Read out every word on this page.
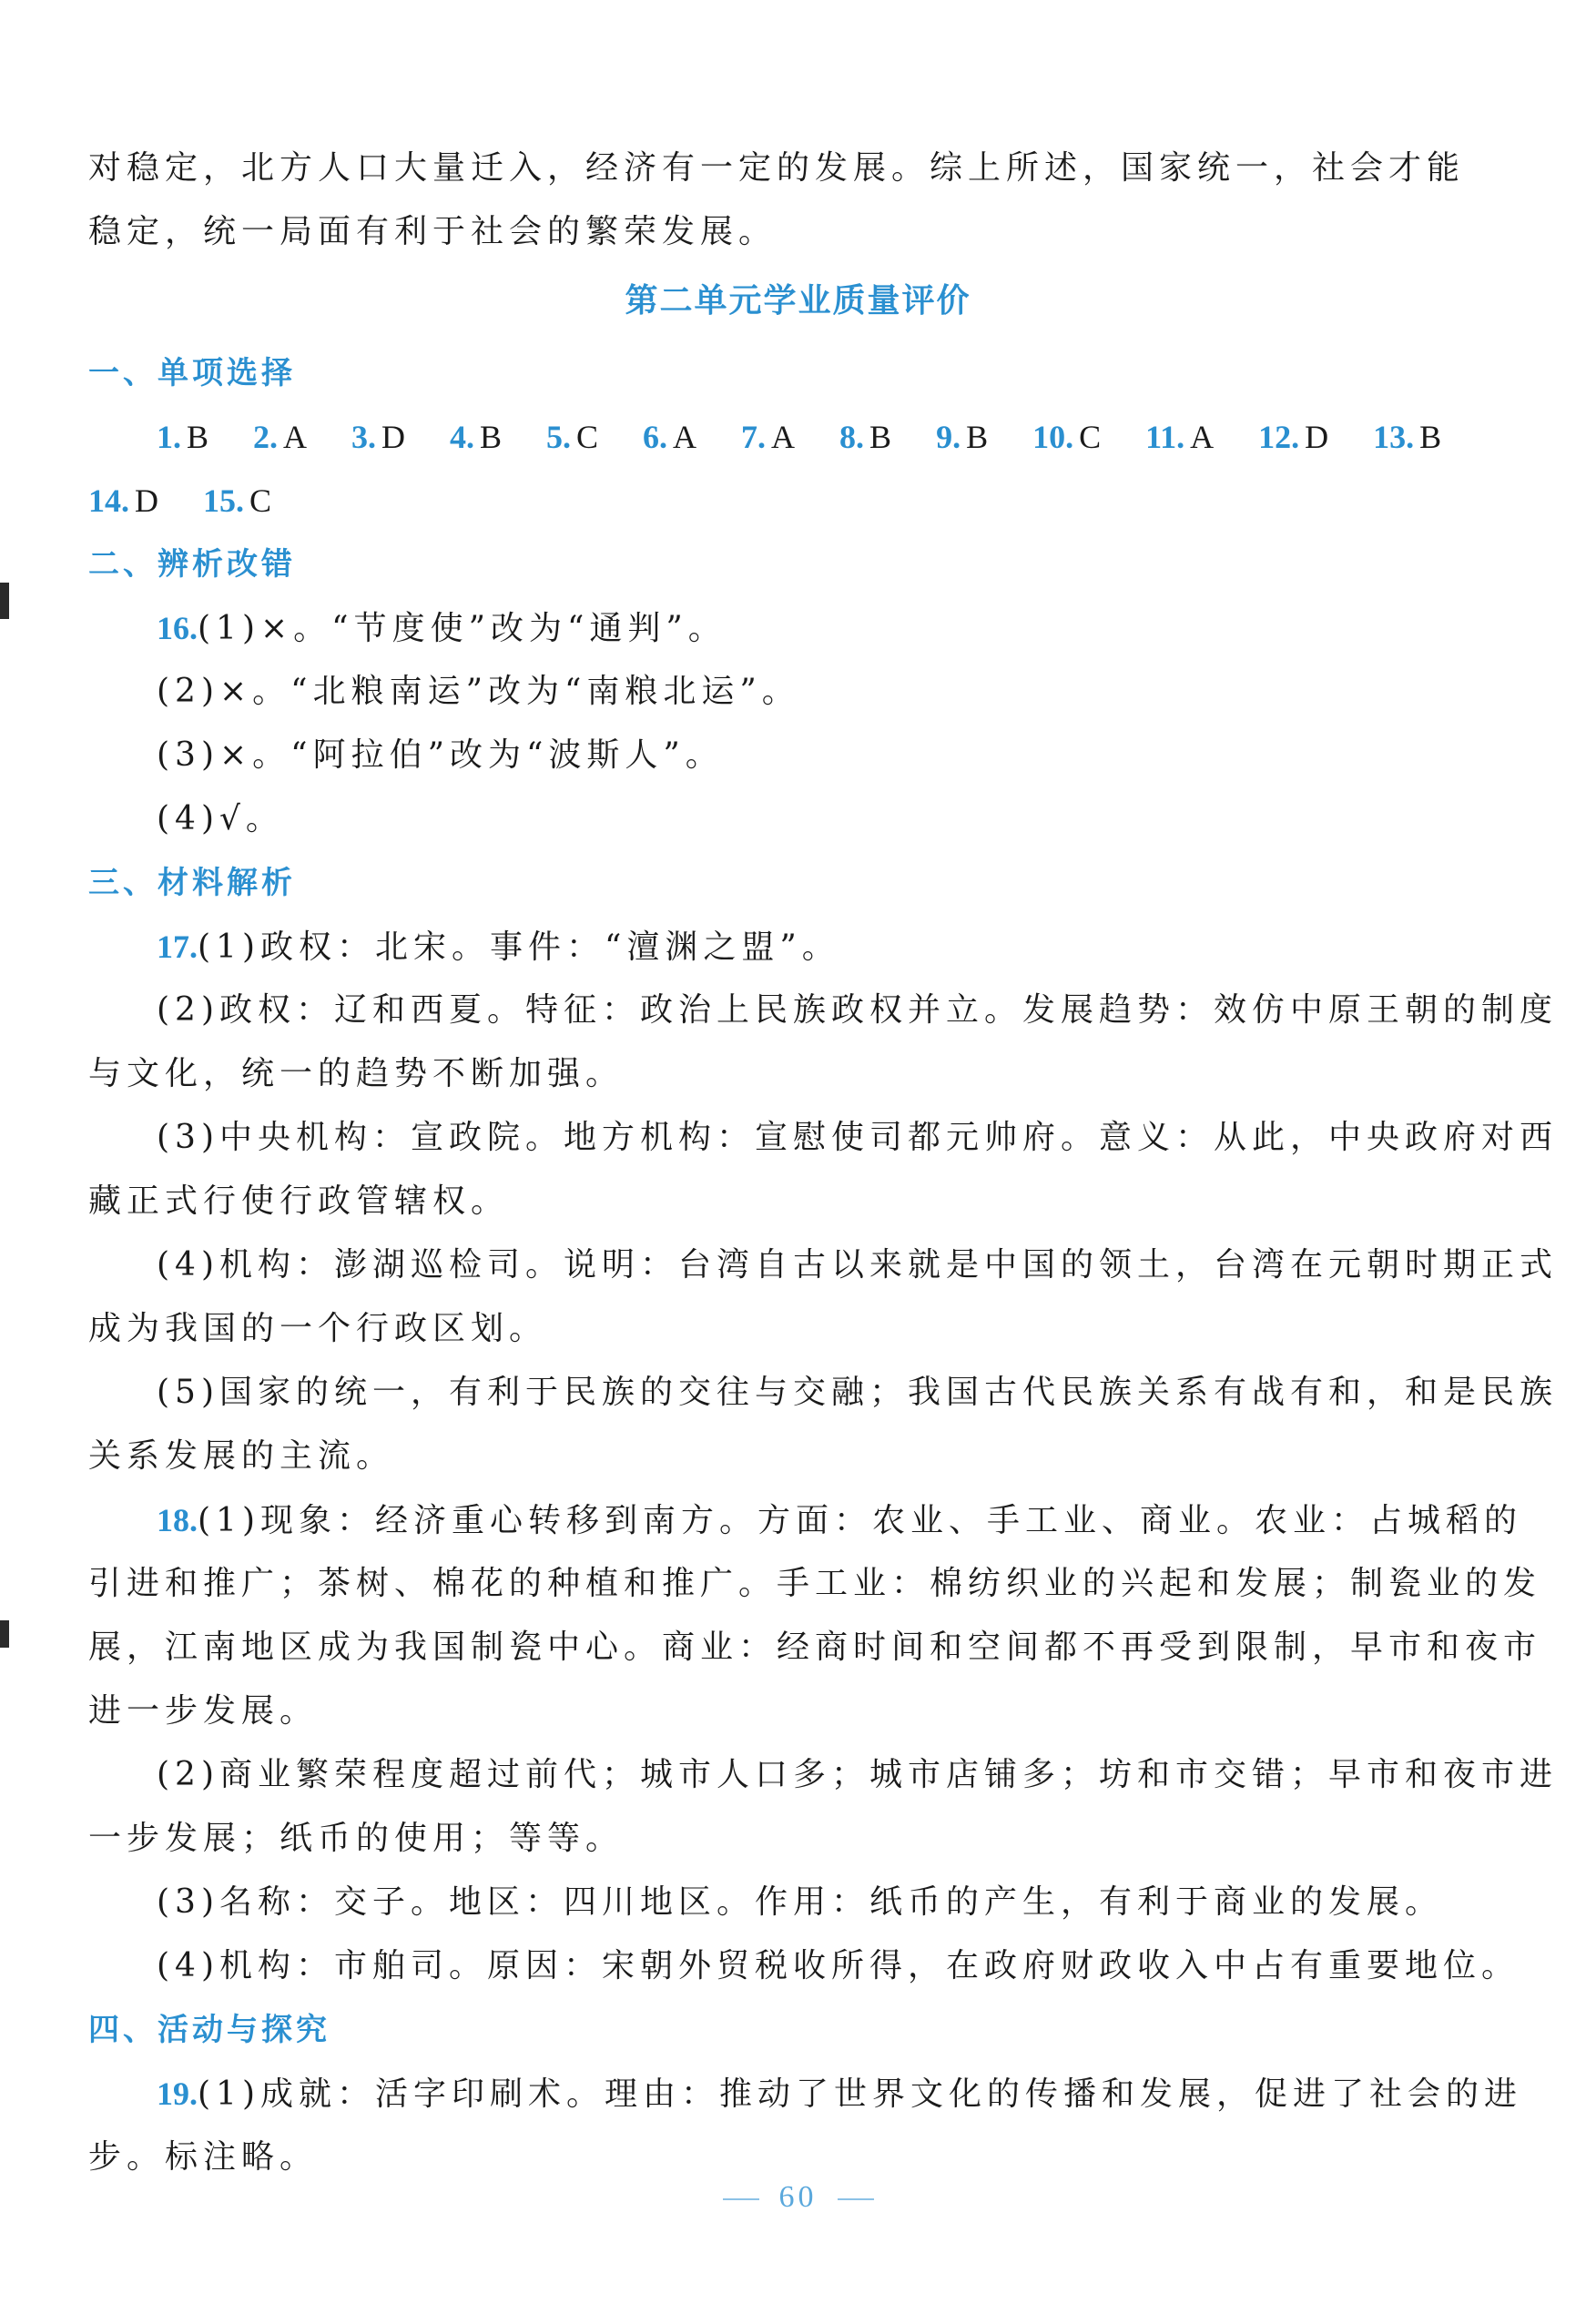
对稳定，北方人口大量迁入，经济有一定的发展。综上所述，国家统一，社会才能
稳定，统一局面有利于社会的繁荣发展。
第二单元学业质量评价
一、单项选择
1. B 2. A 3. D 4. B 5. C 6. A 7. A 8. B 9. B 10. C 11. A 12. D 13. B
14. D 15. C
二、辨析改错
16.(1)×。“节度使”改为“通判”。
(2)×。“北粮南运”改为“南粮北运”。
(3)×。“阿拉伯”改为“波斯人”。
(4)√。
三、材料解析
17.(1)政权：北宋。事件：“澶渊之盟”。
(2)政权：辽和西夏。特征：政治上民族政权并立。发展趋势：效仿中原王朝的制度
与文化，统一的趋势不断加强。
(3)中央机构：宣政院。地方机构：宣慰使司都元帅府。意义：从此，中央政府对西
藏正式行使行政管辖权。
(4)机构：澎湖巡检司。说明：台湾自古以来就是中国的领土，台湾在元朝时期正式
成为我国的一个行政区划。
(5)国家的统一，有利于民族的交往与交融；我国古代民族关系有战有和，和是民族
关系发展的主流。
18.(1)现象：经济重心转移到南方。方面：农业、手工业、商业。农业：占城稻的
引进和推广；茶树、棉花的种植和推广。手工业：棉纺织业的兴起和发展；制瓷业的发
展，江南地区成为我国制瓷中心。商业：经商时间和空间都不再受到限制，早市和夜市
进一步发展。
(2)商业繁荣程度超过前代；城市人口多；城市店铺多；坊和市交错；早市和夜市进
一步发展；纸币的使用；等等。
(3)名称：交子。地区：四川地区。作用：纸币的产生，有利于商业的发展。
(4)机构：市舶司。原因：宋朝外贸税收所得，在政府财政收入中占有重要地位。
四、活动与探究
19.(1)成就：活字印刷术。理由：推动了世界文化的传播和发展，促进了社会的进
步。标注略。
60
